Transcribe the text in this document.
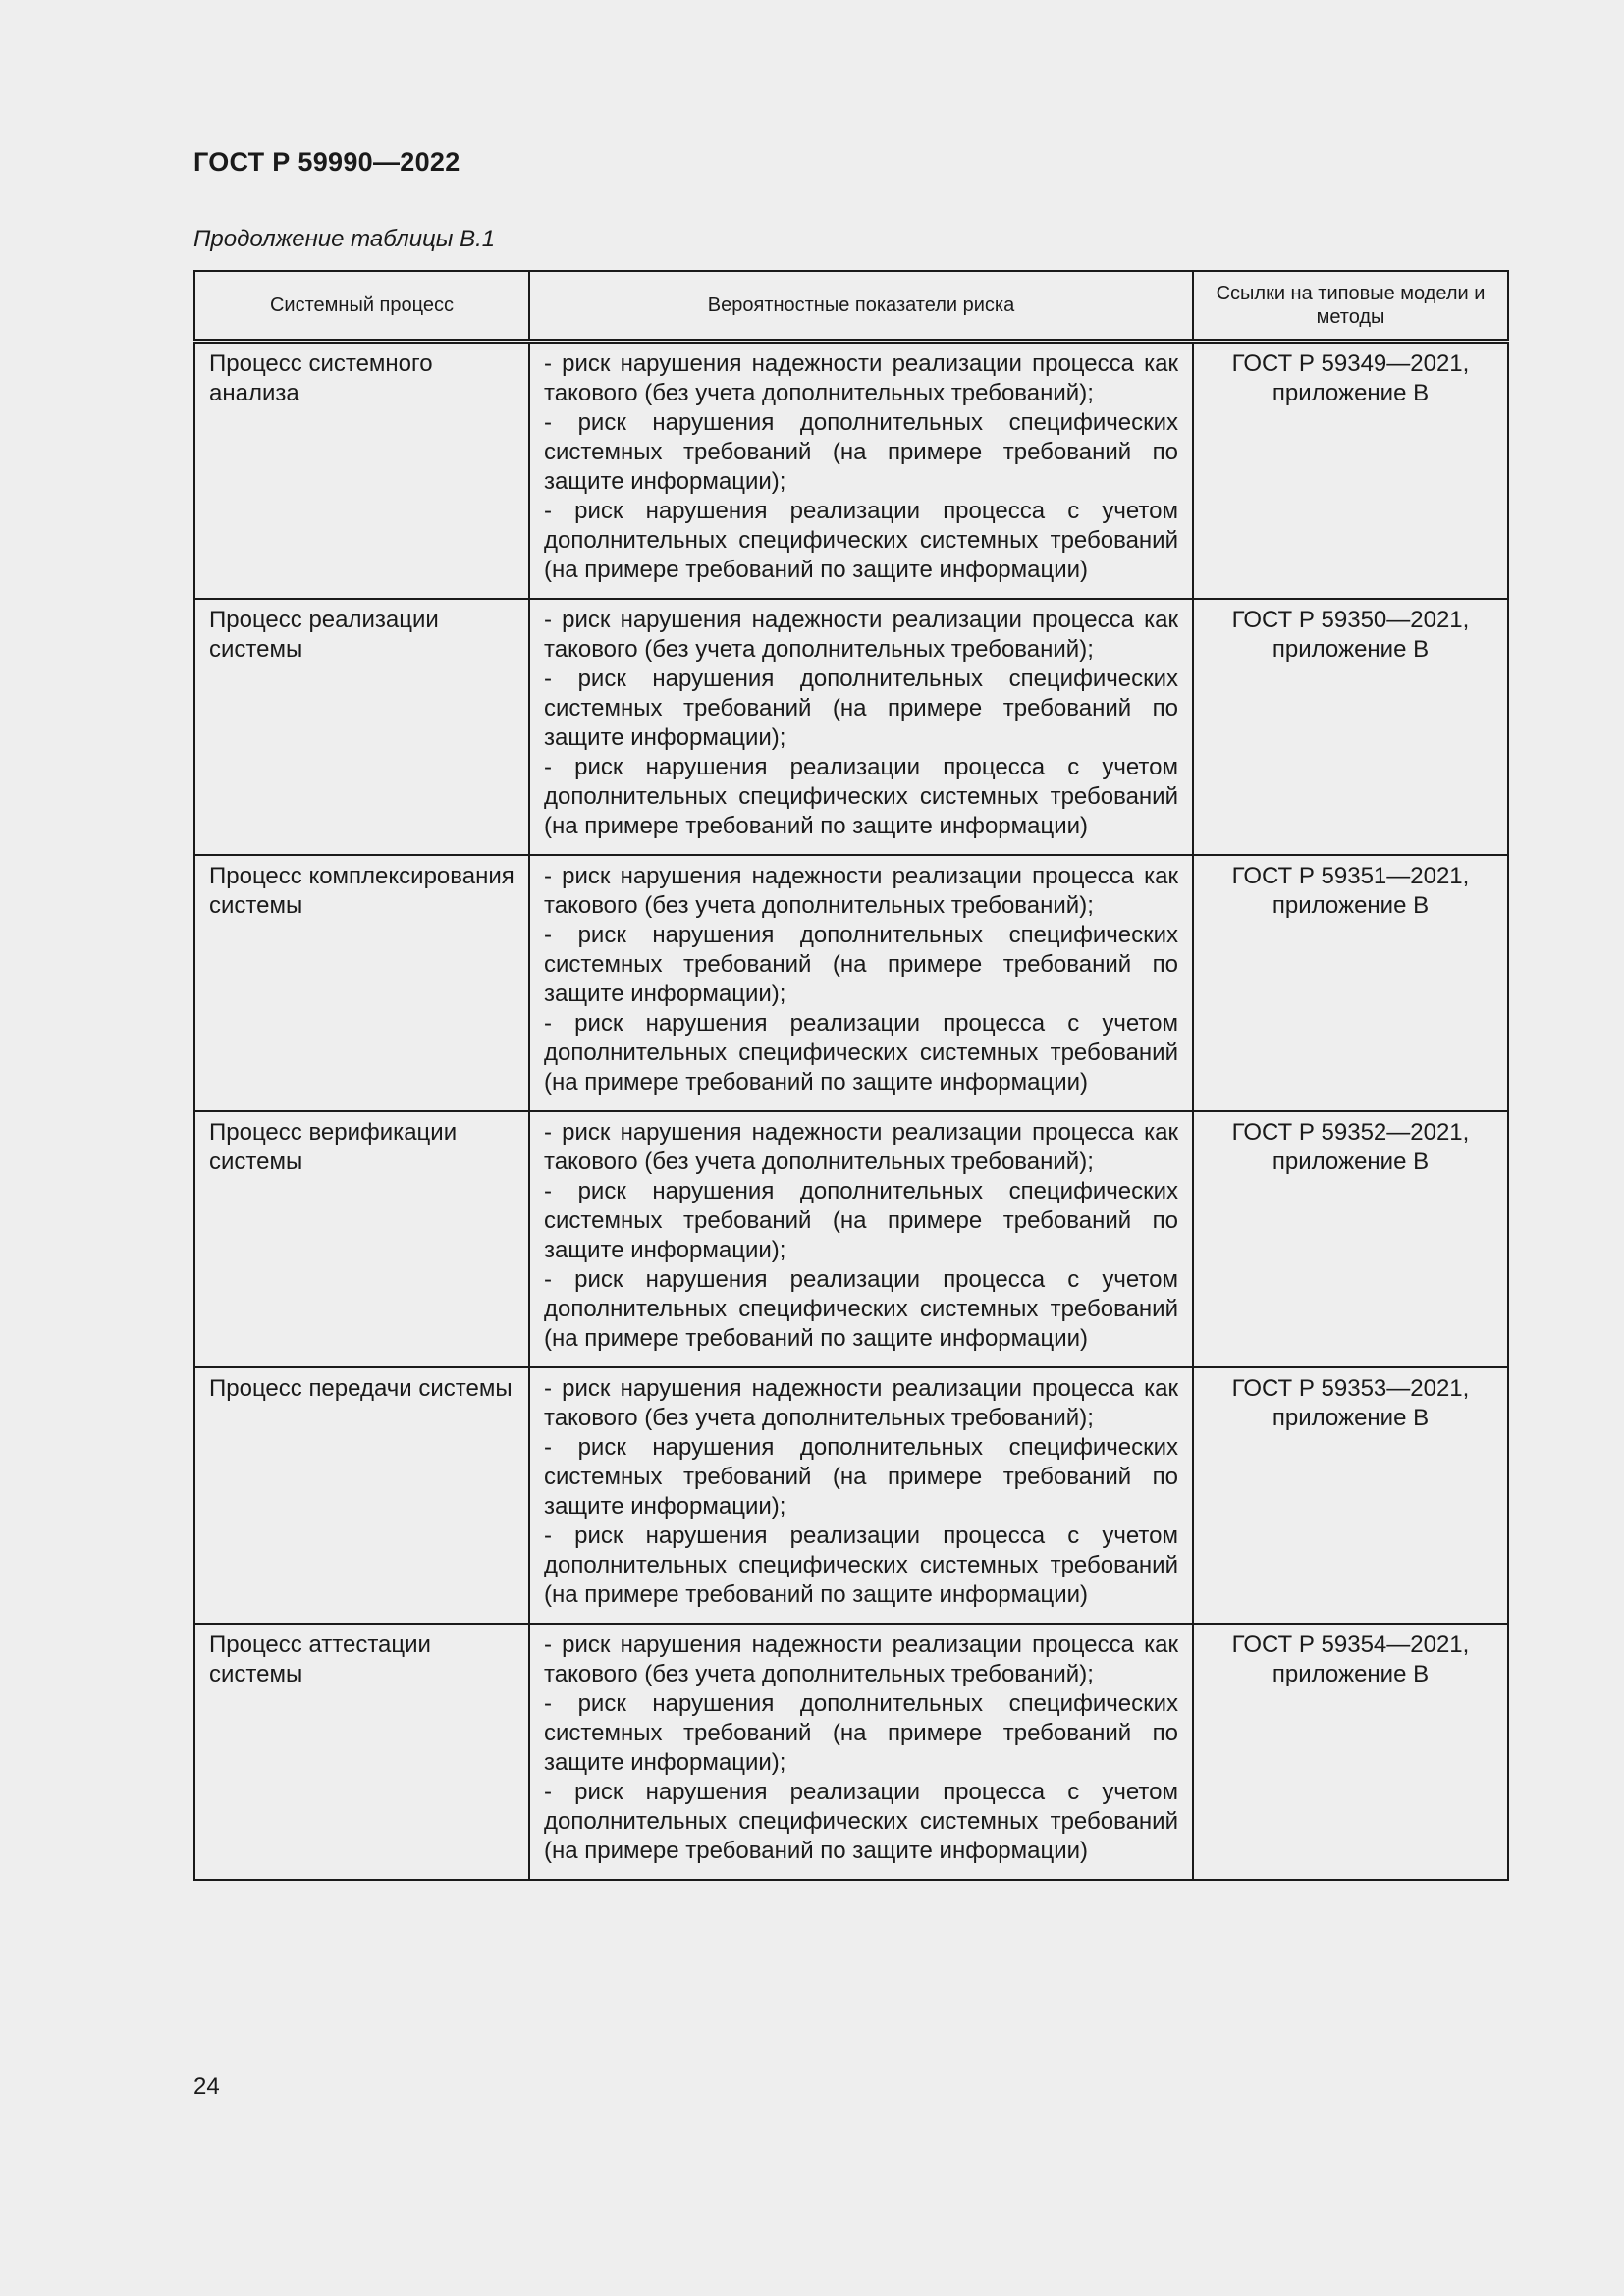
ГОСТ Р 59990—2022
Продолжение таблицы В.1
Системный процесс	Вероятностные показатели риска	Ссылки на типовые модели и методы
Процесс системного анализа	- риск нарушения надежности реализации процесса как такового (без учета дополнительных требований);
- риск нарушения дополнительных специфических системных требований (на примере требований по защите информации);
- риск нарушения реализации процесса с учетом дополнительных специфических системных требований (на примере требований по защите информации)	ГОСТ Р 59349—2021, приложение В
Процесс реализации системы	- риск нарушения надежности реализации процесса как такового (без учета дополнительных требований);
- риск нарушения дополнительных специфических системных требований (на примере требований по защите информации);
- риск нарушения реализации процесса с учетом дополнительных специфических системных требований (на примере требований по защите информации)	ГОСТ Р 59350—2021, приложение В
Процесс комплексирования системы	- риск нарушения надежности реализации процесса как такового (без учета дополнительных требований);
- риск нарушения дополнительных специфических системных требований (на примере требований по защите информации);
- риск нарушения реализации процесса с учетом дополнительных специфических системных требований (на примере требований по защите информации)	ГОСТ Р 59351—2021, приложение В
Процесс верификации системы	- риск нарушения надежности реализации процесса как такового (без учета дополнительных требований);
- риск нарушения дополнительных специфических системных требований (на примере требований по защите информации);
- риск нарушения реализации процесса с учетом дополнительных специфических системных требований (на примере требований по защите информации)	ГОСТ Р 59352—2021, приложение В
Процесс передачи системы	- риск нарушения надежности реализации процесса как такового (без учета дополнительных требований);
- риск нарушения дополнительных специфических системных требований (на примере требований по защите информации);
- риск нарушения реализации процесса с учетом дополнительных специфических системных требований (на примере требований по защите информации)	ГОСТ Р 59353—2021, приложение В
Процесс аттестации системы	- риск нарушения надежности реализации процесса как такового (без учета дополнительных требований);
- риск нарушения дополнительных специфических системных требований (на примере требований по защите информации);
- риск нарушения реализации процесса с учетом дополнительных специфических системных требований (на примере требований по защите информации)	ГОСТ Р 59354—2021, приложение В
24
